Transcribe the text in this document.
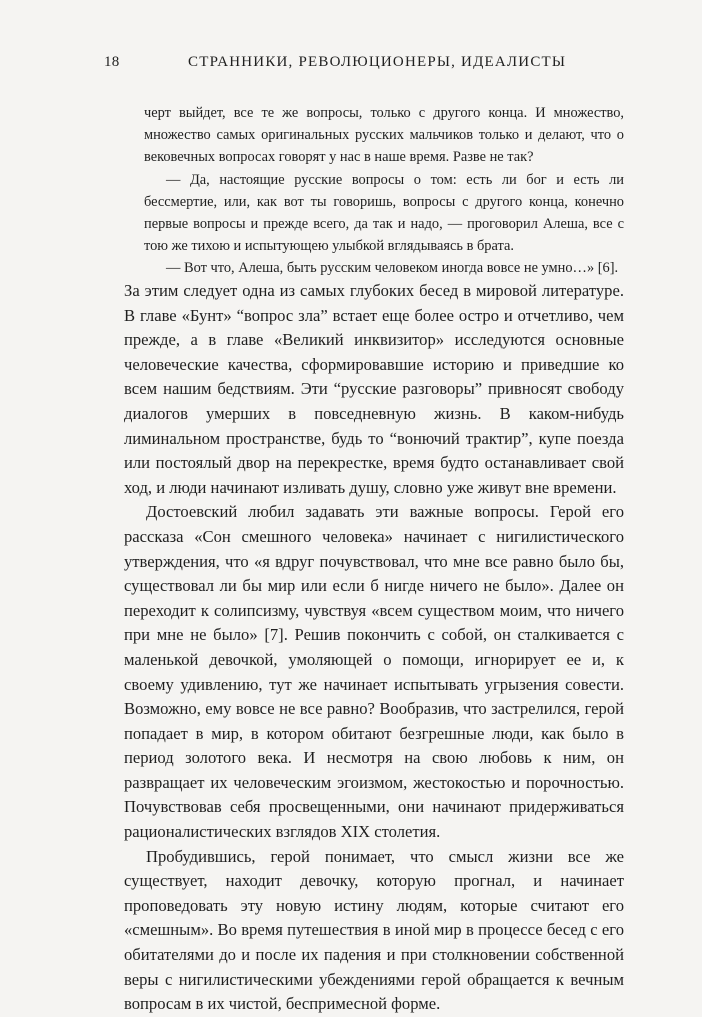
18	СТРАННИКИ, РЕВОЛЮЦИОНЕРЫ, ИДЕАЛИСТЫ

черт выйдет, все те же вопросы, только с другого конца. И множество, множество самых оригинальных русских мальчиков только и делают, что о вековечных вопросах говорят у нас в наше время. Разве не так?

— Да, настоящие русские вопросы о том: есть ли бог и есть ли бессмертие, или, как вот ты говоришь, вопросы с другого конца, конечно первые вопросы и прежде всего, да так и надо, — проговорил Алеша, все с тою же тихою и испытующею улыбкой вглядываясь в брата.

— Вот что, Алеша, быть русским человеком иногда вовсе не умно…» [6].

За этим следует одна из самых глубоких бесед в мировой литературе. В главе «Бунт» “вопрос зла” встает еще более остро и отчетливо, чем прежде, а в главе «Великий инквизитор» исследуются основные человеческие качества, сформировавшие историю и приведшие ко всем нашим бедствиям. Эти “русские разговоры” привносят свободу диалогов умерших в повседневную жизнь. В каком-нибудь лиминальном пространстве, будь то “вонючий трактир”, купе поезда или постоялый двор на перекрестке, время будто останавливает свой ход, и люди начинают изливать душу, словно уже живут вне времени.

Достоевский любил задавать эти важные вопросы. Герой его рассказа «Сон смешного человека» начинает с нигилистического утверждения, что «я вдруг почувствовал, что мне все равно было бы, существовал ли бы мир или если б нигде ничего не было». Далее он переходит к солипсизму, чувствуя «всем существом моим, что ничего при мне не было» [7]. Решив покончить с собой, он сталкивается с маленькой девочкой, умоляющей о помощи, игнорирует ее и, к своему удивлению, тут же начинает испытывать угрызения совести. Возможно, ему вовсе не все равно? Вообразив, что застрелился, герой попадает в мир, в котором обитают безгрешные люди, как было в период золотого века. И несмотря на свою любовь к ним, он развращает их человеческим эгоизмом, жестокостью и порочностью. Почувствовав себя просвещенными, они начинают придерживаться рационалистических взглядов XIX столетия.

Пробудившись, герой понимает, что смысл жизни все же существует, находит девочку, которую прогнал, и начинает проповедовать эту новую истину людям, которые считают его «смешным». Во время путешествия в иной мир в процессе бесед с его обитателями до и после их падения и при столкновении собственной веры с нигилистическими убеждениями герой обращается к вечным вопросам в их чистой, беспримесной форме.
